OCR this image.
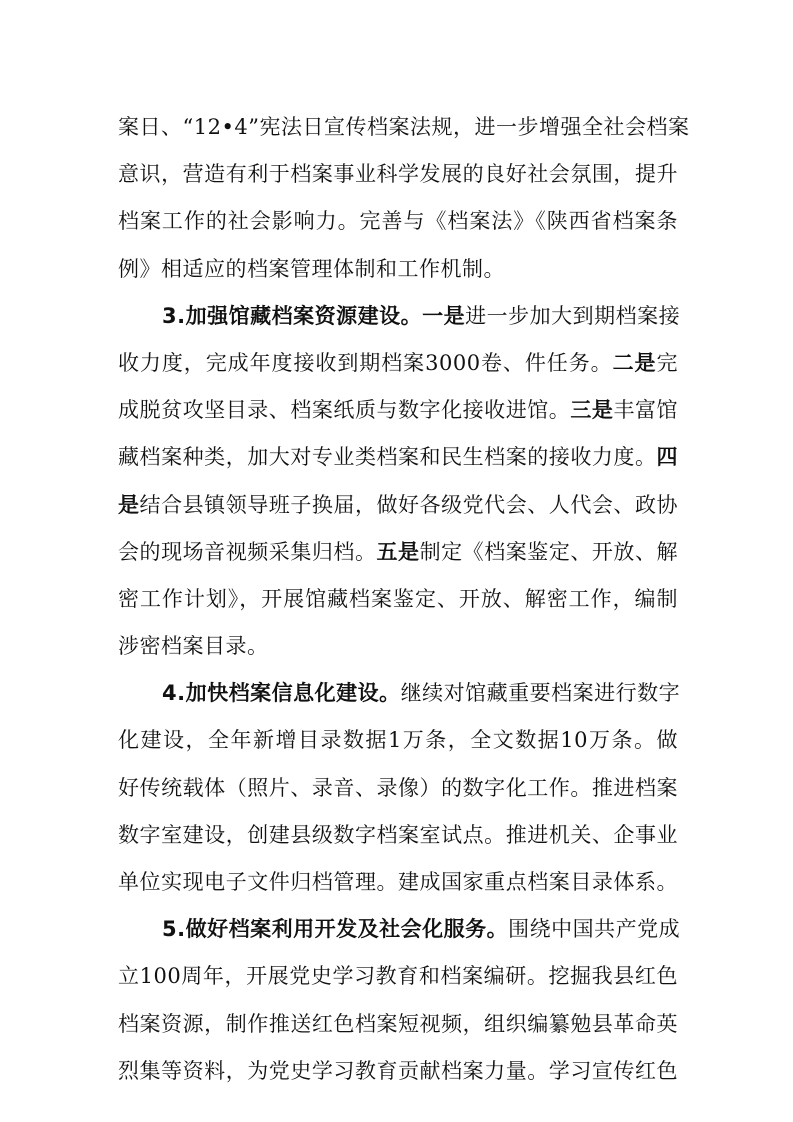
案日、“12•4”宪法日宣传档案法规，进一步增强全社会档案
意识，营造有利于档案事业科学发展的良好社会氛围，提升
档案工作的社会影响力。完善与《档案法》《陕西省档案条
例》相适应的档案管理体制和工作机制。
3.加强馆藏档案资源建设。一是进一步加大到期档案接
收力度，完成年度接收到期档案3000卷、件任务。二是完
成脱贫攻坚目录、档案纸质与数字化接收进馆。三是丰富馆
藏档案种类，加大对专业类档案和民生档案的接收力度。四
是结合县镇领导班子换届，做好各级党代会、人代会、政协
会的现场音视频采集归档。五是制定《档案鉴定、开放、解
密工作计划》，开展馆藏档案鉴定、开放、解密工作，编制
涉密档案目录。
4.加快档案信息化建设。继续对馆藏重要档案进行数字
化建设，全年新增目录数据1万条，全文数据10万条。做
好传统载体（照片、录音、录像）的数字化工作。推进档案
数字室建设，创建县级数字档案室试点。推进机关、企事业
单位实现电子文件归档管理。建成国家重点档案目录体系。
5.做好档案利用开发及社会化服务。围绕中国共产党成
立100周年，开展党史学习教育和档案编研。挖掘我县红色
档案资源，制作推送红色档案短视频，组织编纂勉县革命英
烈集等资料，为党史学习教育贡献档案力量。学习宣传红色
